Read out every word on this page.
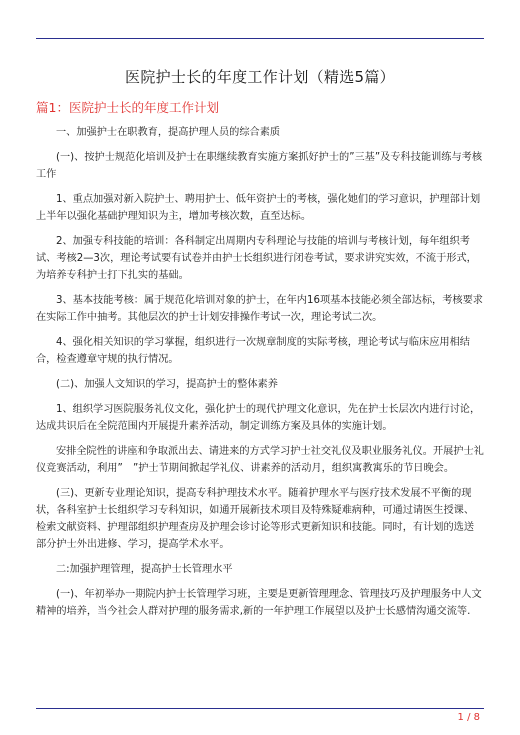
医院护士长的年度工作计划（精选5篇）
篇1：医院护士长的年度工作计划

一、加强护士在职教育，提高护理人员的综合素质

(一)、按护士规范化培训及护士在职继续教育实施方案抓好护士的”三基”及专科技能训练与考核工作

1、重点加强对新入院护士、聘用护士、低年资护士的考核，强化她们的学习意识，护理部计划上半年以强化基础护理知识为主，增加考核次数，直至达标。

2、加强专科技能的培训：各科制定出周期内专科理论与技能的培训与考核计划，每年组织考试、考核2—3次，理论考试要有试卷并由护士长组织进行闭卷考试，要求讲究实效，不流于形式，为培养专科护士打下扎实的基础。

3、基本技能考核：属于规范化培训对象的护士，在年内16项基本技能必须全部达标，考核要求在实际工作中抽考。其他层次的护士计划安排操作考试一次，理论考试二次。

4、强化相关知识的学习掌握，组织进行一次规章制度的实际考核，理论考试与临床应用相结合，检查遵章守规的执行情况。

(二)、加强人文知识的学习，提高护士的整体素养

1、组织学习医院服务礼仪文化，强化护士的现代护理文化意识，先在护士长层次内进行讨论，达成共识后在全院范围内开展提升素养活动，制定训练方案及具体的实施计划。

安排全院性的讲座和争取派出去、请进来的方式学习护士社交礼仪及职业服务礼仪。开展护士礼仪竞赛活动，利用”　”护士节期间掀起学礼仪、讲素养的活动月，组织寓教寓乐的节日晚会。

(三)、更新专业理论知识，提高专科护理技术水平。随着护理水平与医疗技术发展不平衡的现状，各科室护士长组织学习专科知识，如通开展新技术项目及特殊疑难病种，可通过请医生授课、检索文献资料、护理部组织护理查房及护理会诊讨论等形式更新知识和技能。同时，有计划的选送部分护士外出进修、学习，提高学术水平。

二:加强护理管理，提高护士长管理水平

(一)、年初举办一期院内护士长管理学习班，主要是更新管理理念、管理技巧及护理服务中人文精神的培养，当今社会人群对护理的服务需求,新的一年护理工作展望以及护士长感情沟通交流等.

1 / 8
